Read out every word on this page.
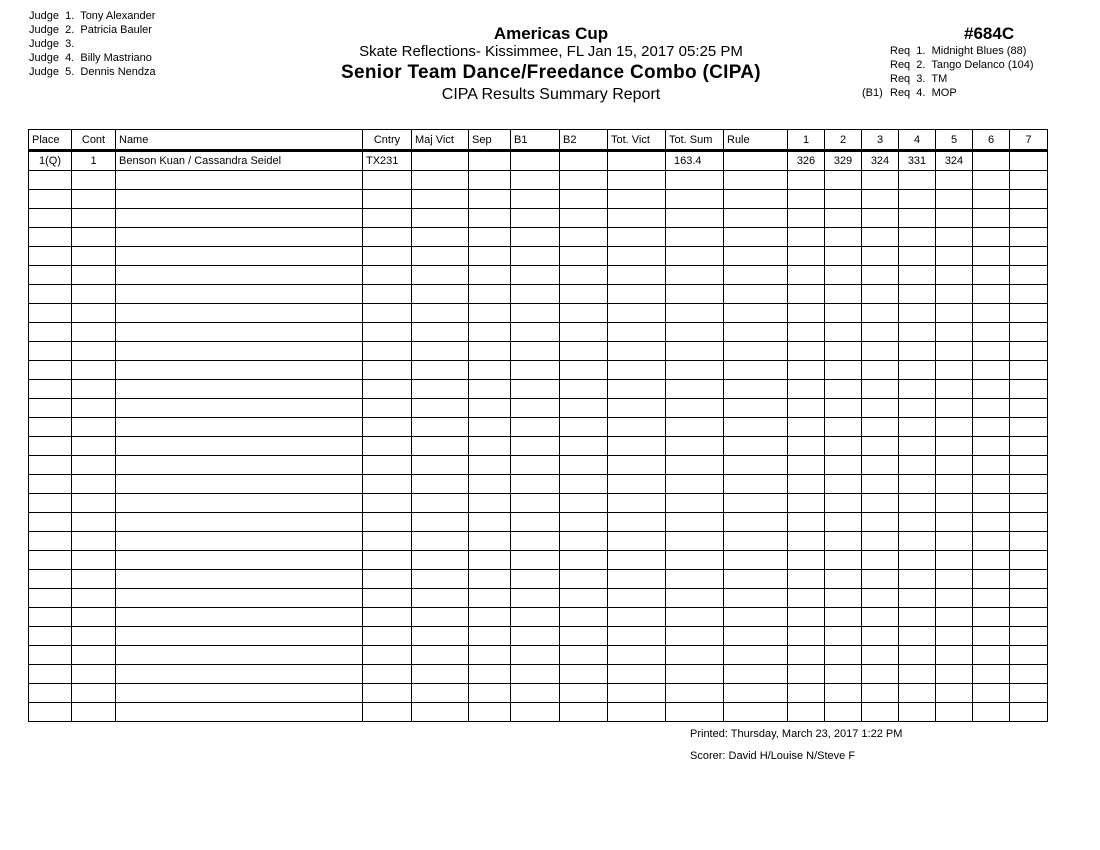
Judge  1. Tony Alexander
Judge  2. Patricia Bauler
Judge  3.
Judge  4. Billy Mastriano
Judge  5. Dennis Nendza
Americas Cup
Skate Reflections- Kissimmee, FL Jan 15, 2017 05:25 PM
Senior Team Dance/Freedance Combo (CIPA)
CIPA Results Summary Report
#684C
Req  1. Midnight Blues (88)
Req  2. Tango Delanco (104)
Req  3. TM
(B1) Req  4. MOP
Place	Cont	Name	Cntry	Maj Vict	Sep	B1	B2	Tot. Vict	Tot. Sum	Rule	1	2	3	4	5	6	7
1(Q)	1	Benson Kuan / Cassandra Seidel	TX231						163.4		326	329	324	331	324		

Printed: Thursday, March 23, 2017 1:22 PM
Scorer: David H/Louise N/Steve F
